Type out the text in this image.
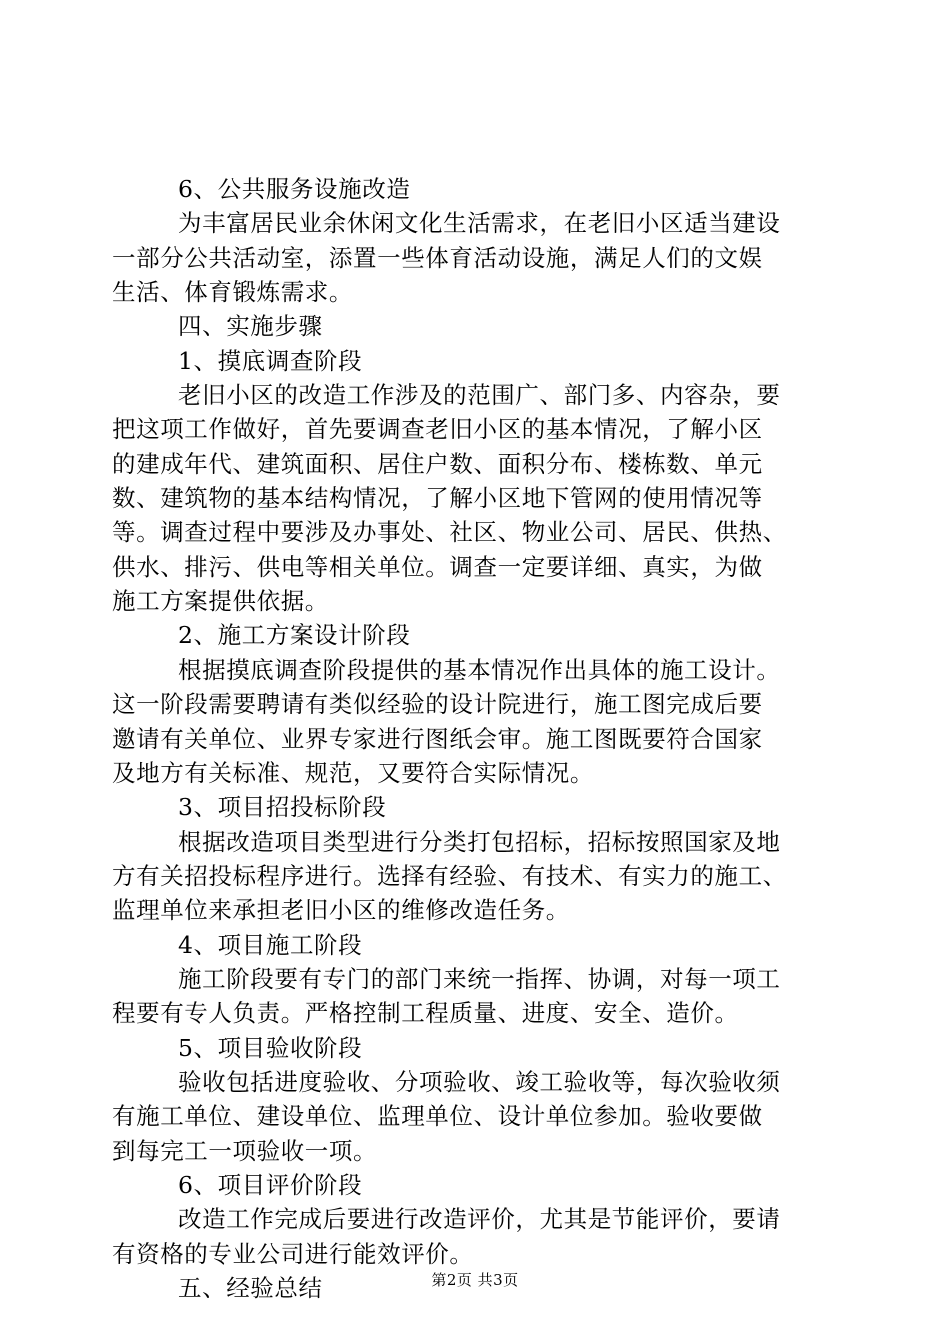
6、公共服务设施改造
为丰富居民业余休闲文化生活需求，在老旧小区适当建设
一部分公共活动室，添置一些体育活动设施，满足人们的文娱
生活、体育锻炼需求。
四、实施步骤
1、摸底调查阶段
老旧小区的改造工作涉及的范围广、部门多、内容杂，要
把这项工作做好，首先要调查老旧小区的基本情况，了解小区
的建成年代、建筑面积、居住户数、面积分布、楼栋数、单元
数、建筑物的基本结构情况，了解小区地下管网的使用情况等
等。调查过程中要涉及办事处、社区、物业公司、居民、供热、
供水、排污、供电等相关单位。调查一定要详细、真实，为做
施工方案提供依据。
2、施工方案设计阶段
根据摸底调查阶段提供的基本情况作出具体的施工设计。
这一阶段需要聘请有类似经验的设计院进行，施工图完成后要
邀请有关单位、业界专家进行图纸会审。施工图既要符合国家
及地方有关标准、规范，又要符合实际情况。
3、项目招投标阶段
根据改造项目类型进行分类打包招标，招标按照国家及地
方有关招投标程序进行。选择有经验、有技术、有实力的施工、
监理单位来承担老旧小区的维修改造任务。
4、项目施工阶段
施工阶段要有专门的部门来统一指挥、协调，对每一项工
程要有专人负责。严格控制工程质量、进度、安全、造价。
5、项目验收阶段
验收包括进度验收、分项验收、竣工验收等，每次验收须
有施工单位、建设单位、监理单位、设计单位参加。验收要做
到每完工一项验收一项。
6、项目评价阶段
改造工作完成后要进行改造评价，尤其是节能评价，要请
有资格的专业公司进行能效评价。
五、经验总结	第2页 共3页
